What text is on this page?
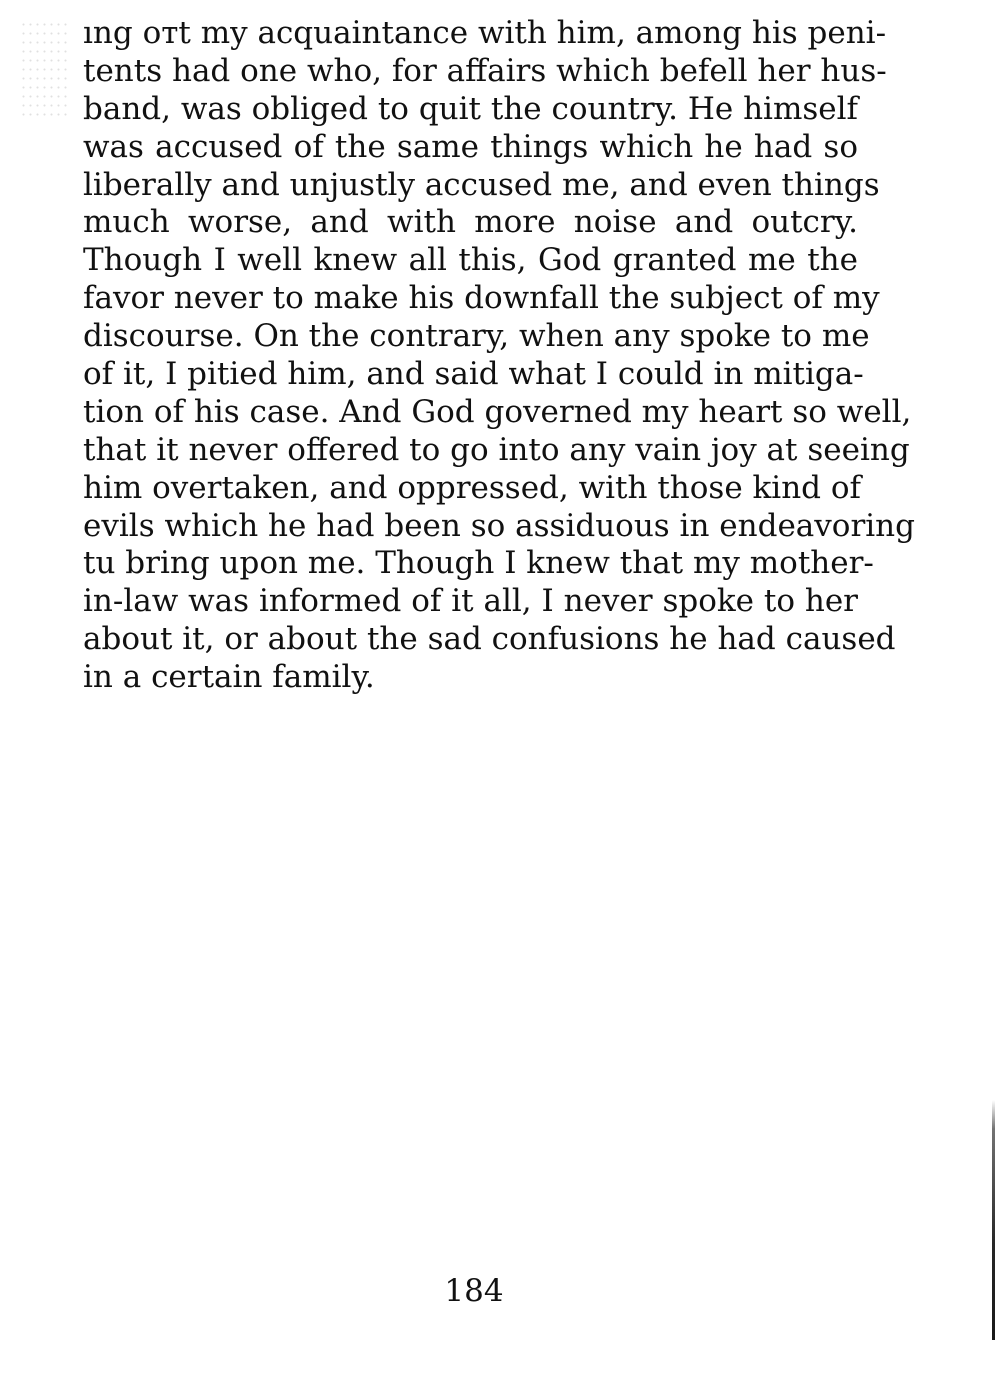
ıng oтt my acquaintance with him, among his peni-
tents had one who, for affairs which befell her hus-
band, was obliged to quit the country. He himself
was accused of the same things which he had so
liberally and unjustly accused me, and even things
much worse, and with more noise and outcry.
Though I well knew all this, God granted me the
favor never to make his downfall the subject of my
discourse. On the contrary, when any spoke to me
of it, I pitied him, and said what I could in mitiga-
tion of his case. And God governed my heart so well,
that it never offered to go into any vain joy at seeing
him overtaken, and oppressed, with those kind of
evils which he had been so assiduous in endeavoring
tu bring upon me. Though I knew that my mother-
in-law was informed of it all, I never spoke to her
about it, or about the sad confusions he had caused
in a certain family.
184
